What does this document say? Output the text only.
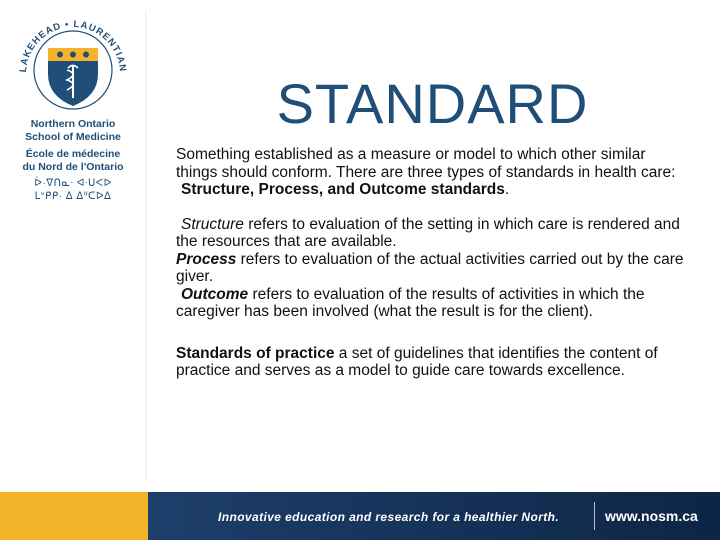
LAKEHEAD • LAURENTIAN
Northern Ontario
School of Medicine
École de médecine
du Nord de l'Ontario
ᐆ·ᐁᑎᓇᐧ ᐊᐧᑌᐸᐅ
ᒪᐡᑭᑭ· ᐃ ᐃᐦᑕᐅᐃ
STANDARD

Something established as a measure or model to which other similar things should conform. There are three types of standards in health care:

Structure, Process, and Outcome standards.

Structure refers to evaluation of the setting in which care is rendered and the resources that are available.

Process refers to evaluation of the actual activities carried out by the care giver.

Outcome refers to evaluation of the results of activities in which the caregiver has been involved (what the result is for the client).

Standards of practice a set of guidelines that identifies the content of practice and serves as a model to guide care towards excellence.

Innovative education and research for a healthier North.	www.nosm.ca
